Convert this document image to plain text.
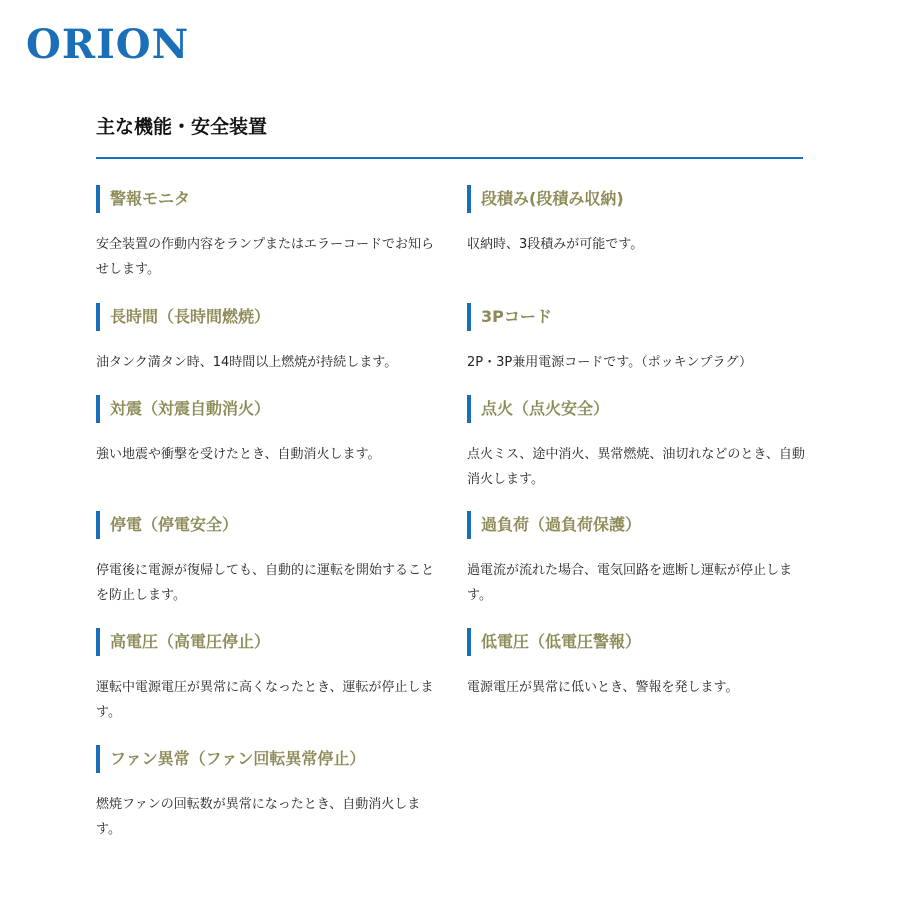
ORION
主な機能・安全装置
警報モニタ
安全装置の作動内容をランプまたはエラーコードでお知らせします。
長時間（長時間燃焼）
油タンク満タン時、14時間以上燃焼が持続します。
対震（対震自動消火）
強い地震や衝撃を受けたとき、自動消火します。
停電（停電安全）
停電後に電源が復帰しても、自動的に運転を開始することを防止します。
高電圧（高電圧停止）
運転中電源電圧が異常に高くなったとき、運転が停止します。
ファン異常（ファン回転異常停止）
燃焼ファンの回転数が異常になったとき、自動消火します。
段積み(段積み収納)
収納時、3段積みが可能です。
3Pコード
2P・3P兼用電源コードです。（ポッキンプラグ）
点火（点火安全）
点火ミス、途中消火、異常燃焼、油切れなどのとき、自動消火します。
過負荷（過負荷保護）
過電流が流れた場合、電気回路を遮断し運転が停止します。
低電圧（低電圧警報）
電源電圧が異常に低いとき、警報を発します。
